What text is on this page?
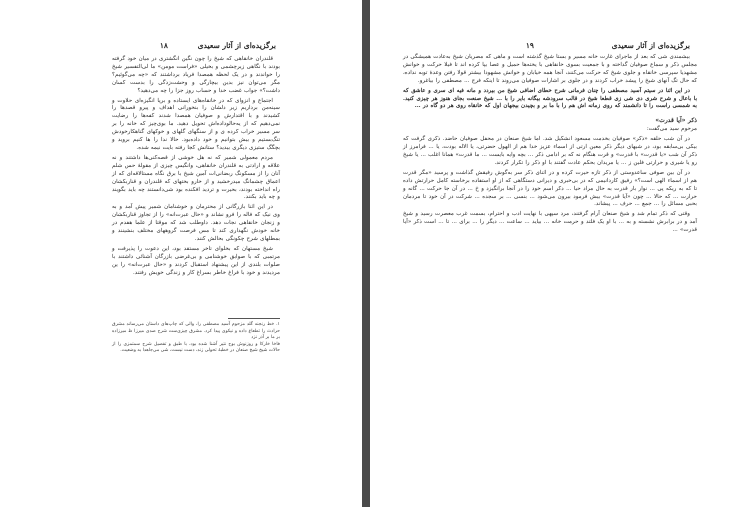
برگزیده‌ای از آثار سعیدی
۱۸

قلندران خانقاهی که شیخ را چون نگین انگشتری در میان خود گرفته بودند با نگاهی زیرچشمی و بخیلی «فراست مومن» ما لی‌التفسیر شیخ را خواندند و در یک لحظه همصدا فریاد برداشتند که «چه می‌گوئیم؟ مگر می‌توان نیز بدین بیچارگی و وحشت‌زدگی را بدست کسان داشت؟» جواب غضب خدا و حساب روز جزا را چه می‌دهید؟

اجتماع و انزوای که در خانقاه‌های ایستاده و برپا انگیزه‌ای حلاوت و سینه‌من برداریم زیر دلشان را بنخورانی اهداف و پیرو قصدها را کشیدند و با اقتدارش و صوفیان همصدا شدند کفه‌ها را رضایت نمی‌دهیم که از یه‌حالوداده‌اش تحویل دهید. ما بوی‌چیز که خانه را بر سر مسیر خراب کرده ی و از سنگهای گلهای و خوکهای گناهکارخودش تنگ‌بستیم و بیش بتوانیم و خود داده‌بود. حالا ندا را ها کنیم بروید و بچگگ ستیزی دیگری بیدید؟ ستانش کجا رفته‌ بایت نیمه شده.

مردم معمولی شمیر که نه هل خوشی از قصه‌کنی‌ها داشتند و نه علاقه و ارادتی به قلندران خانقاهی، وانگیس چیزی از مقولهٔ حس شلم آنان را از مسکونگ ربضانی‌ات آمین شیخ با برق نگاه مستالاقه‌ای که از اعماق چشمانگ میدرخشید و از خارو بختهای که قلندران و قناربکشان راه انداخته بودند، بحیرت و تردید افکنده بود شی‌دانستند چه باید بگویند و چه باید بکنند.

در این اثنا بازرگانی از محترمان و خوشنامان شمیر پیش آمد و به وی نیک که فاله را فرو نشاند و «حال عبرت‌انه» را از تجاوز قناربکشان و زنجان خانقاهی نجات دهد. داوطلب شد که موقتا از علما هفدم در خانه خودش نگهداری کند تا مس فرصت گروههای مختلف بنشینند و بمطلهای شرح چکونگی بحالش کنند.

شیخ مستهان که بخلوای تاخر مستقد بود، این دعوت را پذیرفت و مرتمبی که با صوابق خوشنامی و بی‌غرضی بازرگان آشنائی داشتند با صلوات بلندی از این پیشنهاد استقبال کردند و «حال عبرت‌انه» را ین مردیدند و خود با فراغ خاطر بسراغ کار و زندگی خویش رفتند.

۱. خط رنجنه گلد مزحوم آسید مصطفی را، والی که چاپ‌های داستان می‌رساند مشرق حرادث را تطعاع داده و نیکوی پیدا کرد. مشرق چیزی‌ست شرح صدی میرزا ظ میرزاده بر ما بر آذر نزد

فاخا خارکا و روزنوش بوح نتیر آشنا شده بود، با طبق و تفصیل شرح سمتمزی را از حالات شیخ شیخ صنعان در خطبهٔ تحولی زند، دست نیست، شی‌ می‌جاهدا به وضعیت.

برگزیده‌ای از آثار سعیدی
۱۹

بیشمندی شی که بعد از ماجرای غارت خانه مسیر و بستا شیخ گذشته است و ماهی که مصریان شیخ به‌عادت همیشگی در مجلس ذکر و سماع صوفیان گداخته و با جمعیت بسوی خانقاهی با یخته‌ها حمیل و عصا بپا کرده اند تا فیلا حرکت و خوانش مشهدیا سپرسی خانقاه و جلوی شیخ که حرکت می‌کنند، آنجا همه خیابان و خوانش مشهودا بیشتر قولا رفتن وعدهٔ توبه نداده، که حال تگ آنهای شیخ را پیشد خراب کردند و در جلوی بر اشارات صوفیان می‌روند تا اینکه فرج ... مصطفی را بیاغرو.

در این اثنا در سیتم آسید مصطفی را چنان فرمانی شرح خطای اضافی شیخ من بیردد و مانه فیه ای سری و عاشق که با باعال و شرح شری دی شی زی قطعا شیخ در قالب سرودشه بیگانه بایر را با ... شیخ صنعت بجای هنوز هر چیزی کنید. به شمسی راست را تا دانشمند که روی زمانه اش هم را با ما بر و بچیدن بیجهان اول که خانقاه روی هر دو گاه در ...

ذکر «آیا قدرت»
مرحوم سید می‌گفت:

در آن شب حلقه «ذکر» صوفیان بخدمت مسعود انشکیل شد. اما شیخ صنعان در محفل صوفیان حاضد. ذکری گرفت که بیکی بی‌سابقه بود، در شیهای دیگر ذکر معین ارتی از اسماء عزیز خدا هم از الهول حضرتی، یا الاله بودت، یا ... فرامرز از ذکر آن شب «یا قدرت» با قدرت» و قرت هنگام نه که بر ادامی ذکر ... بچه وایه بایست ... ما قدرت» همانا اغلب ... یا شیخ رو یا شیری و حرارتی فلین ز ... یا مریدان بحکم عادت گفتند با او ذکر را تکرار کردند.

در آن بین صوفی ساعدوستی از ذکر تازه حیرت کرده و در اثنای ذکر سر به‌گوش رفیقش گذاشت و پرسید «مگر قدرت هم از اسماء الهی است؟» رفیق کاردانیمی که در بی‌خبری و دیرانی دستگاهی که از او استفاده برخاسته کامل حرارتش داده تا که به ریکه پی ... نوار بار قدرت به حال مراد حیا ... دکر اسم خود را در آنجا برانگیزد و خ ... در آن جا حرکت ... گانه و حرارت ... که حالا ... چون «آیا قدرت» بیش فرمود بیرون می‌شود ... بنسی ... بر سجده ... شرکت در آن خود تا مردمان بحبی مسائل را ... جمع ... حرف ... پیشاند.

وقتی که ذکر تمام شد و شیخ صنعان آرام گرفتند، مرد سپهی با نهایت ادب و احترام، بسمت غرب معصرت رسید و شیخ آمد و در برابرش نشسته و به ... با او یک فلتد و حرمت خانه ... بیاید ... ساعت ... دیگر را ... برای ... تا ... است ذکر «آیا قدرت» ...
